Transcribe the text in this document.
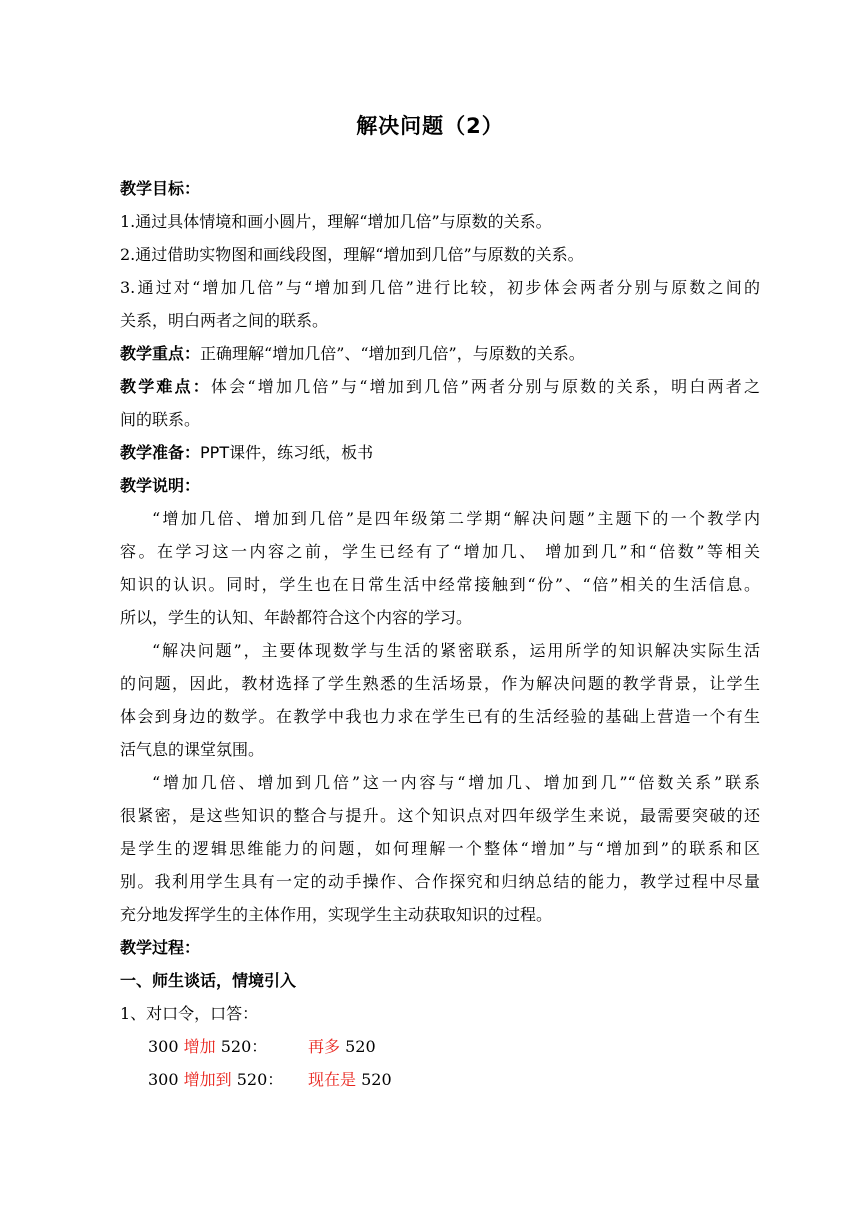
解决问题（2）
教学目标：
1.通过具体情境和画小圆片，理解“增加几倍”与原数的关系。
2.通过借助实物图和画线段图，理解“增加到几倍”与原数的关系。
3.通过对“增加几倍”与“增加到几倍”进行比较，初步体会两者分别与原数之间的
关系，明白两者之间的联系。
教学重点：正确理解“增加几倍”、“增加到几倍”，与原数的关系。
教学难点：体会“增加几倍”与“增加到几倍”两者分别与原数的关系，明白两者之
间的联系。
教学准备：PPT课件，练习纸，板书
教学说明：
“增加几倍、增加到几倍”是四年级第二学期“解决问题”主题下的一个教学内
容。在学习这一内容之前，学生已经有了“增加几、 增加到几”和“倍数”等相关
知识的认识。同时，学生也在日常生活中经常接触到“份”、“倍”相关的生活信息。
所以，学生的认知、年龄都符合这个内容的学习。
“解决问题”，主要体现数学与生活的紧密联系，运用所学的知识解决实际生活
的问题，因此，教材选择了学生熟悉的生活场景，作为解决问题的教学背景，让学生
体会到身边的数学。在教学中我也力求在学生已有的生活经验的基础上营造一个有生
活气息的课堂氛围。
“增加几倍、增加到几倍”这一内容与“增加几、增加到几”“倍数关系”联系
很紧密，是这些知识的整合与提升。这个知识点对四年级学生来说，最需要突破的还
是学生的逻辑思维能力的问题，如何理解一个整体“增加”与“增加到”的联系和区
别。我利用学生具有一定的动手操作、合作探究和归纳总结的能力，教学过程中尽量
充分地发挥学生的主体作用，实现学生主动获取知识的过程。
教学过程：
一、师生谈话，情境引入
1、对口令，口答：
300 增加 520：	再多 520
300 增加到 520： 现在是 520
